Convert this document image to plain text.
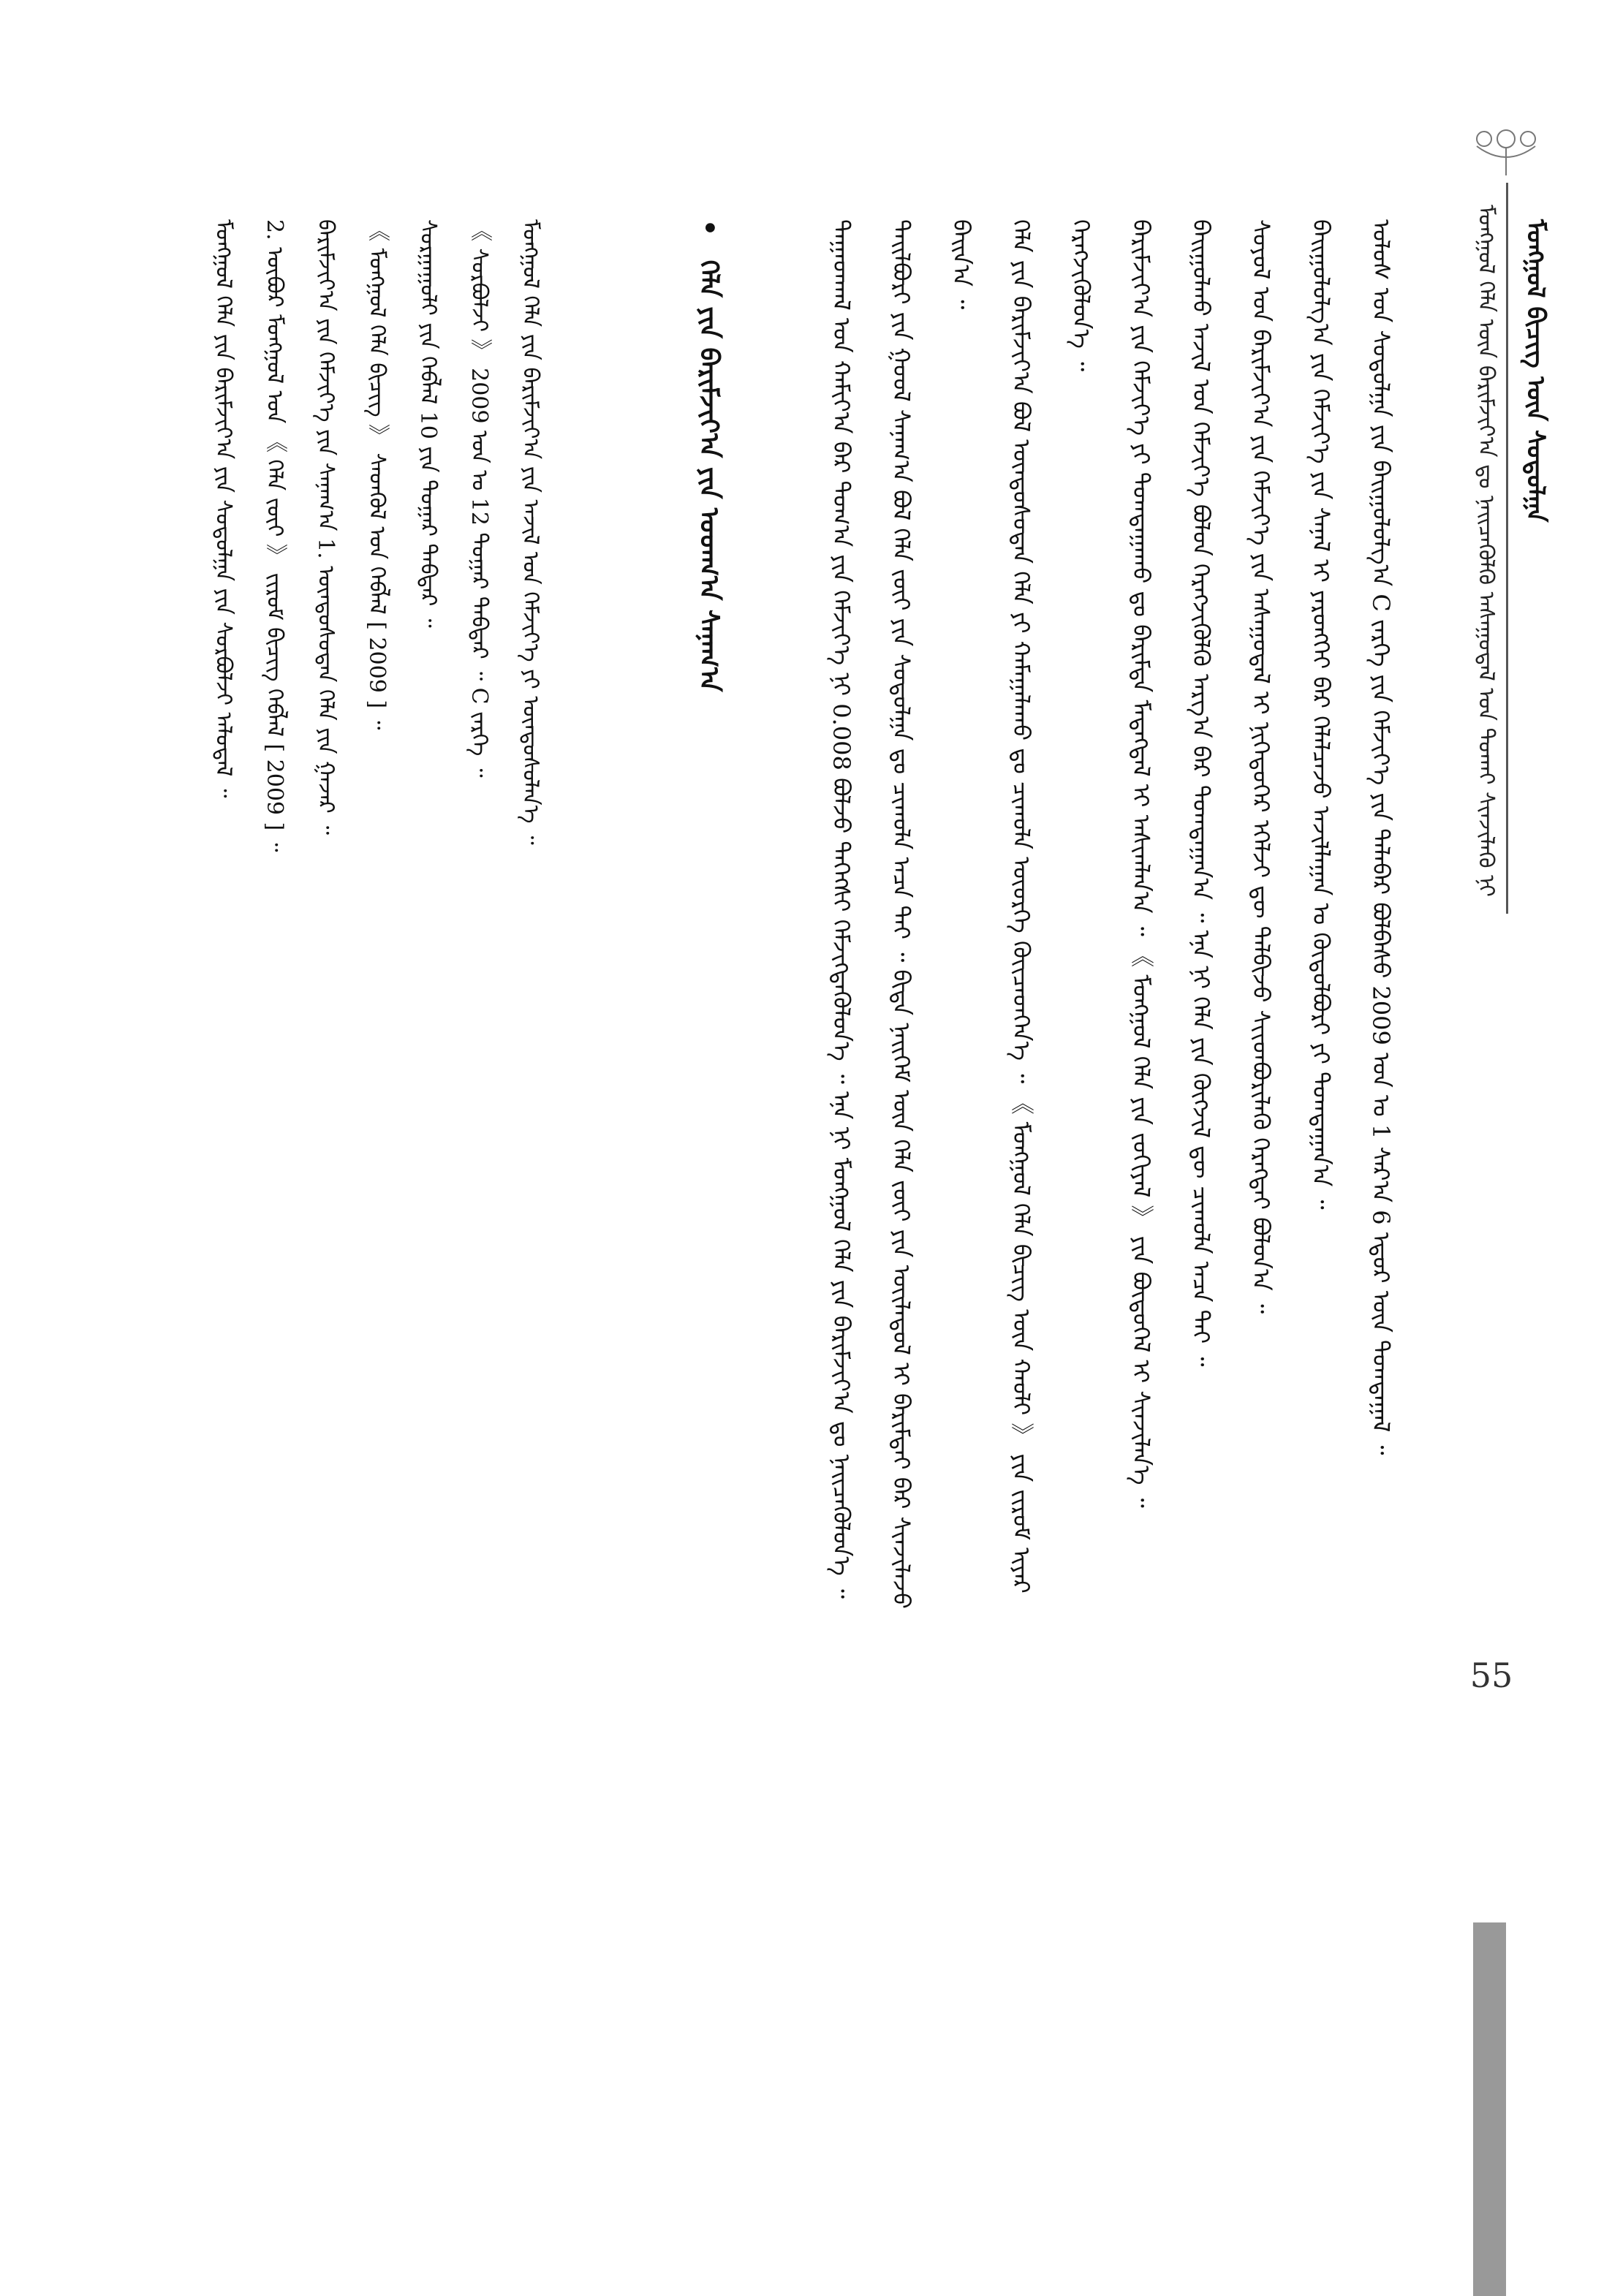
ᠮᠣᠩᠭᠣᠯ ᠪᠢᠴᠢᠭ ᠦᠨ ᠰᠤᠳᠤᠯᠭᠠ
ᠮᠣᠩᠭᠣᠯ ᠬᠡᠯᠡ ᠦᠨ ᠪᠠᠷᠢᠮᠵᠢᠶ᠎ᠠ ᠳᠤ ᠨᠡᠢᠴᠡᠭᠦᠯᠬᠦ ᠠᠰᠠᠭᠤᠳᠠᠯ ᠤᠨ ᠲᠤᠬᠠᠢ ᠰᠢᠨᠵᠢᠯᠡᠬᠦ ᠨᠢ

ᠳᠠᠭᠠᠳᠬᠠᠯ ᠤᠨ ᠬᠠᠮᠢᠶ᠎ᠠ ᠪᠡᠷ ᠲᠣᠭ᠎ᠠ ᠶᠢᠨ ᠬᠡᠮᠵᠢᠶ᠎ᠡ ᠨᠢ 0.008 ᠪᠣᠯᠵᠤ ᠳᠡᠭᠡᠭᠰᠢ ᠬᠡᠮᠵᠢᠭᠳᠡᠭᠦᠯᠦᠨ᠎ᠡ ᠃ ᠡᠨᠡ ᠨᠢ ᠮᠣᠩᠭᠣᠯ ᠬᠡᠯᠡ ᠶᠢᠨ ᠪᠠᠷᠢᠮᠵᠢᠶ᠎ᠠ ᠳᠤ ᠨᠡᠢᠴᠡᠭᠦᠯᠦᠨ᠎ᠡ ᠃	ᠲᠠᠢᠯᠪᠤᠷᠢ ᠶᠢᠨ ᠭᠣᠣᠯ ᠰᠠᠨᠠᠭ᠎ᠠ ᠪᠣᠯ ᠬᠡᠯᠡ ᠵᠦᠢ ᠶᠢᠨ ᠰᠤᠳᠤᠯᠭᠠ ᠳᠤ ᠴᠢᠬᠤᠯᠠ ᠠᠴᠠ ᠲᠠᠢ ᠃ ᠪᠢᠳᠡ ᠨᠡᠢᠭᠡᠮ ᠦᠨ ᠬᠡᠯᠡ ᠵᠦᠢ ᠶᠢᠨ ᠦᠢᠯᠡᠳᠦᠯ ᠢ ᠪᠠᠷᠢᠮᠲᠠᠢ ᠪᠡᠷ ᠰᠢᠨᠵᠢᠯᠡᠵᠦ ᠪᠠᠢᠨ᠎ᠠ ᠃	ᠬᠡᠯᠡ ᠶᠢᠨ ᠪᠠᠷᠢᠮᠵᠢᠶ᠎ᠠ ᠪᠣᠯ ᠦᠨᠳᠦᠰᠦᠲᠡᠨ ᠬᠡᠯᠡ ᠶᠢ ᠬᠠᠮᠠᠭᠠᠯᠠᠬᠤ ᠳᠤ ᠴᠢᠬᠤᠯᠠ ᠦᠦᠷᠭᠡ ᠭᠦᠢᠴᠡᠳᠭᠡᠨ᠎ᠡ ᠃ 《 ᠮᠣᠩᠭᠣᠯ ᠬᠡᠯᠡ ᠪᠢᠴᠢᠭ ᠦᠨ ᠬᠠᠤᠯᠢ 》 ᠶᠢᠨ ᠵᠢᠷᠤᠮ ᠢᠶᠠᠷ ᠬᠡᠷᠡᠭᠵᠢᠭᠦᠯᠦᠨ᠎ᠡ ᠃	ᠪᠠᠷᠢᠮᠵᠢᠶ᠎ᠠ ᠶᠢᠨ ᠬᠡᠮᠵᠢᠶ᠎ᠡ ᠶᠢ ᠲᠣᠭᠲᠠᠭᠠᠬᠤ ᠳᠤ ᠪᠠᠷᠢᠮᠲᠠ ᠮᠡᠳᠡᠭᠳᠡᠯ ᠢ ᠠᠰᠢᠭᠯᠠᠨ᠎ᠠ ᠃ 《 ᠮᠣᠩᠭᠣᠯ ᠬᠡᠯᠡ ᠶᠢᠨ ᠵᠣᠬᠢᠶᠠᠯ 》 ᠶᠢᠨ ᠪᠦᠲᠦᠭᠡᠯ ᠢ ᠰᠢᠨᠵᠢᠯᠡᠨ᠎ᠡ ᠃	ᠪᠠᠢᠭᠤᠯᠬᠤ ᠠᠵᠢᠯ ᠤᠨ ᠬᠡᠮᠵᠢᠶ᠎ᠡ ᠪᠣᠯᠤᠨ ᠬᠡᠷᠡᠭᠵᠢᠭᠦᠯᠬᠦ ᠠᠷᠭ᠎ᠠ ᠪᠠᠷ ᠲᠣᠭᠲᠠᠭᠠᠨ᠎ᠠ ᠃ ᠡᠨᠡ ᠨᠢ ᠬᠡᠯᠡ ᠶᠢᠨ ᠬᠥᠭᠵᠢᠯ ᠳᠦ ᠴᠢᠬᠤᠯᠠ ᠠᠴᠠ ᠲᠠᠢ ᠃	ᠰᠣᠶᠣᠯ ᠤᠨ ᠪᠠᠷᠢᠮᠵᠢᠶ᠎ᠠ ᠶᠢᠨ ᠬᠡᠮᠵᠢᠶ᠎ᠡ ᠶᠢᠨ ᠠᠰᠠᠭᠤᠳᠠᠯ ᠢ ᠨᠢᠭᠡᠳᠦᠭᠡᠷ ᠡᠭᠡᠯᠵᠢ ᠳᠦ ᠲᠠᠯᠪᠢᠵᠤ ᠰᠢᠢᠳᠪᠦᠷᠢᠯᠡᠬᠦ ᠬᠡᠷᠡᠭᠲᠡᠢ ᠪᠣᠯᠤᠨ᠎ᠠ ᠃	ᠪᠠᠢᠭᠤᠯᠤᠯᠭ᠎ᠠ ᠶᠢᠨ ᠬᠡᠮᠵᠢᠶ᠎ᠡ ᠶᠢᠨ ᠰᠠᠨᠠᠯ ᠢ ᠶᠡᠷᠦᠩᠬᠡᠢ ᠪᠡᠷ ᠬᠡᠯᠡᠯᠴᠡᠵᠦ ᠠᠵᠢᠯᠯᠠᠭᠠᠨ ᠤ ᠬᠥᠲᠦᠯᠪᠦᠷᠢ ᠶᠢ ᠲᠣᠭᠲᠠᠭᠠᠨ᠎ᠠ ᠃	ᠤᠯᠤᠰ ᠤᠨ ᠰᠤᠳᠤᠯᠭᠠ ᠶᠢᠨ ᠪᠠᠢᠭᠤᠯᠤᠯᠭ᠎ᠠ C ᠵᠡᠷᠭᠡ ᠶᠢᠨ ᠬᠡᠮᠵᠢᠶ᠎ᠡ ᠶᠢᠨ ᠲᠠᠯᠠᠪᠠᠷ ᠪᠣᠯᠪᠠᠰᠤ 2009 ᠣᠨ ᠤ 1 ᠰᠠᠷ᠎ᠠ 6 ᠡᠳᠦᠷ ᠦᠨ ᠲᠣᠭᠲᠠᠭᠠᠯ ᠃

• ᠬᠡᠯᠡ ᠶᠢᠨ ᠪᠠᠷᠢᠮᠵᠢᠶ᠎ᠠ ᠶᠢᠨ ᠤᠳᠬ᠎ᠠ ᠰᠠᠨᠠᠭ᠎ᠠ

ᠮᠣᠩᠭᠣᠯ ᠬᠡᠯᠡ ᠶᠢᠨ ᠪᠠᠷᠢᠮᠵᠢᠶ᠎ᠠ ᠶᠢᠨ ᠰᠤᠳᠤᠯᠭᠠ ᠶᠢᠨ ᠰᠤᠷᠪᠤᠯᠵᠢ ᠠᠯᠤᠳᠠᠯ ᠃	2. ᠦᠪᠦᠷ ᠮᠣᠩᠭᠣᠯ ᠤᠨ 《 ᠬᠡᠯᠡ ᠵᠦᠢ 》 ᠵᠢᠷᠤᠮ ᠪᠢᠴᠢᠭ ᠬᠡᠪᠯᠡᠯ [ 2009 ] ᠃	ᠪᠠᠷᠢᠮᠵᠢᠶ᠎ᠠ ᠶᠢᠨ ᠬᠡᠮᠵᠢᠶ᠎ᠡ ᠶᠢᠨ ᠰᠠᠨᠠᠭ᠎ᠠ 1. ᠦᠨᠳᠦᠰᠦᠲᠡᠨ ᠬᠡᠯᠡ ᠶᠢᠨ ᠭᠠᠵᠠᠷ ᠃	《 ᠮᠣᠩᠭᠣᠯ ᠬᠡᠯᠡ ᠪᠢᠴᠢᠭ 》 ᠰᠡᠳᠭᠦᠯ ᠤᠨ ᠬᠡᠪᠯᠡᠯ [ 2009 ] ᠃	ᠰᠤᠷᠭᠠᠭᠤᠯᠢ ᠶᠢᠨ ᠬᠡᠪᠯᠡᠯ 10 ᠶᠢᠨ ᠳᠤᠭᠠᠷ ᠳᠡᠪᠲᠡᠷ ᠃	《 ᠰᠤᠷᠪᠤᠯᠵᠢ 》 2009 ᠣᠨ ᠤ 12 ᠳᠤᠭᠠᠷ ᠳᠡᠪᠲᠡᠷ ᠃ C ᠵᠡᠷᠭᠡ ᠃	ᠮᠣᠩᠭᠣᠯ ᠬᠡᠯᠡ ᠶᠢᠨ ᠪᠠᠷᠢᠮᠵᠢᠶ᠎ᠠ ᠶᠢᠨ ᠠᠵᠢᠯ ᠤᠨ ᠬᠡᠮᠵᠢᠶ᠎ᠡ ᠶᠢ ᠦᠨᠳᠦᠰᠦᠯᠡᠨ᠎ᠡ ᠃

55
